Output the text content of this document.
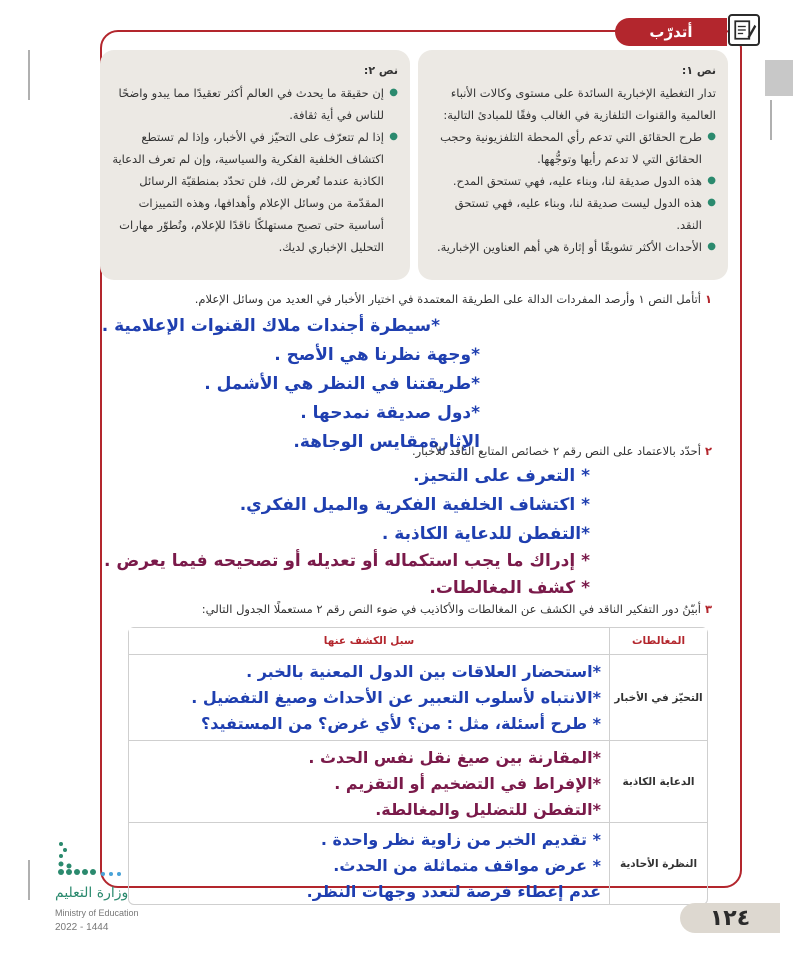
أتدرّب
نص ١:
تدار التغطية الإخبارية السائدة على مستوى وكالات الأنباء العالمية والقنوات التلفازية في الغالب وفقًا للمبادئ التالية:
● طرح الحقائق التي تدعم رأي المحطة التلفزيونية وحجب الحقائق التي لا تدعم رأيها وتوجُّهها.
● هذه الدول صديقة لنا، وبناء عليه، فهي تستحق المدح.
● هذه الدول ليست صديقة لنا، وبناء عليه، فهي تستحق النقد.
● الأحداث الأكثر تشويقًا أو إثارة هي أهم العناوين الإخبارية.
نص ٢:
● إن حقيقة ما يحدث في العالم أكثر تعقيدًا مما يبدو واضحًا للناس في أية ثقافة.
● إذا لم تتعرّف على التحيّز في الأخبار، وإذا لم تستطع اكتشاف الخلفية الفكرية والسياسية، وإن لم تعرف الدعاية الكاذبة عندما تُعرض لك، فلن تحدّد بمنطقيّة الرسائل المقدّمة من وسائل الإعلام وأهدافها، وهذه التمييزات أساسية حتى تصبح مستهلكًا ناقدًا للإعلام، وتُطوّر مهارات التحليل الإخباري لديك.
١أتأمل النص ١ وأرصد المفردات الدالة على الطريقة المعتمدة في اختيار الأخبار في العديد من وسائل الإعلام.
*سيطرة أجندات ملاك القنوات الإعلامية .
*وجهة نظرنا هي الأصح .
*طريقتنا في النظر هي الأشمل .
*دول صديقة نمدحها .
الإثارةمقايس الوجاهة.	٢أحدّد بالاعتماد على النص رقم ٢ خصائص المتابع الناقد للأخبار.
* التعرف على التحيز.
* اكتشاف الخلفية الفكرية والميل الفكري.
*التفطن للدعاية الكاذبة .
* إدراك ما يجب استكماله أو تعديله أو تصحيحه فيما يعرض .
* كشف المغالطات.
٣أبيّنُ دور التفكير الناقد في الكشف عن المغالطات والأكاذيب في ضوء النص رقم ٢ مستعملًا الجدول التالي:
المغالطات
سبل الكشف عنها
التحيّز في الأخبار
*استحضار العلاقات بين الدول المعنية بالخبر .
*الانتباه لأسلوب التعبير عن الأحداث وصيغ التفضيل .
* طرح أسئلة، مثل : من؟ لأي غرض؟ من المستفيد؟
الدعاية الكاذبة
*المقارنة بين صيغ نقل نفس الحدث .
*الإفراط في التضخيم أو التقزيم .
*التفطن للتضليل والمغالطة.
النظرة الأحادية
* تقديم الخبر من زاوية نظر واحدة .
* عرض مواقف متماثلة من الحدث.
عدم إعطاء فرصة لتعدد وجهات النظر.
وزارة التعليم
Ministry of Education
2022 - 1444	١٢٤
